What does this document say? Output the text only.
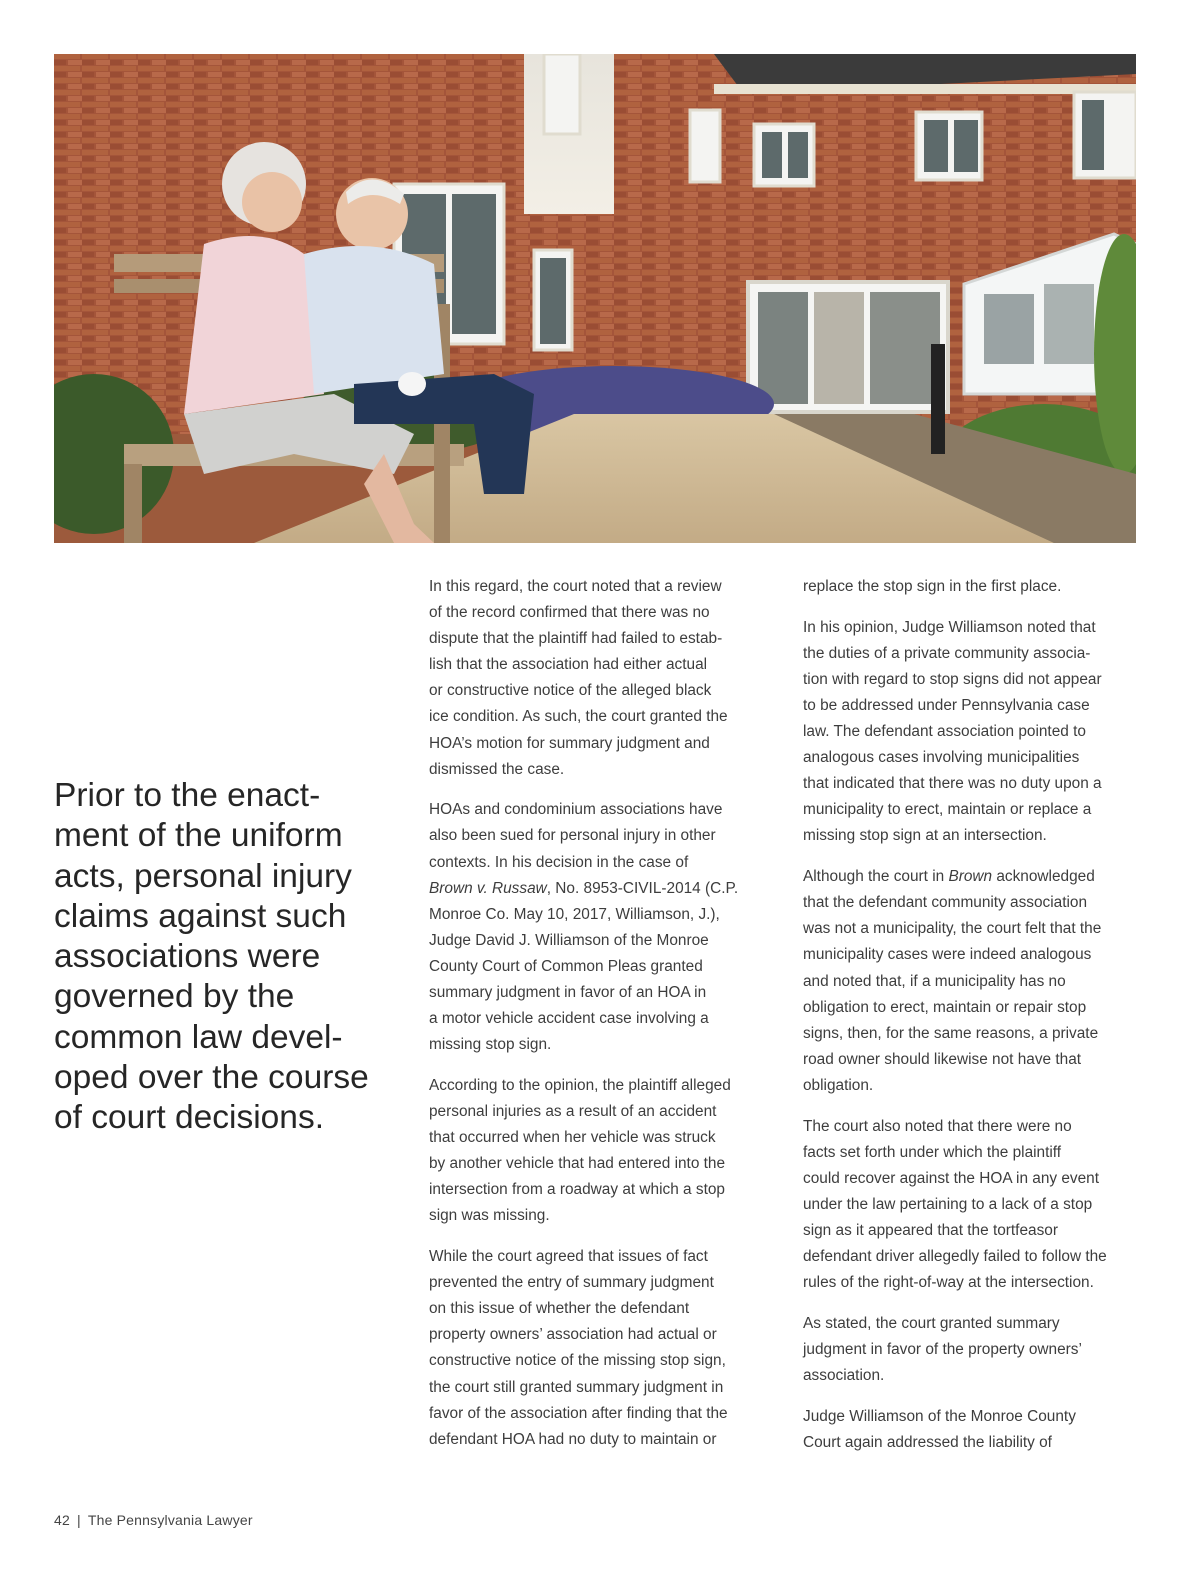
Prior to the enact-
ment of the uniform
acts, personal injury
claims against such
associations were
governed by the
common law devel-
oped over the course
of court decisions.

In this regard, the court noted that a review
of the record confirmed that there was no
dispute that the plaintiff had failed to estab-
lish that the association had either actual
or constructive notice of the alleged black
ice condition. As such, the court granted the
HOA’s motion for summary judgment and
dismissed the case.

HOAs and condominium associations have
also been sued for personal injury in other
contexts. In his decision in the case of
Brown v. Russaw, No. 8953-CIVIL-2014 (C.P.
Monroe Co. May 10, 2017, Williamson, J.),
Judge David J. Williamson of the Monroe
County Court of Common Pleas granted
summary judgment in favor of an HOA in
a motor vehicle accident case involving a
missing stop sign.

According to the opinion, the plaintiff alleged
personal injuries as a result of an accident
that occurred when her vehicle was struck
by another vehicle that had entered into the
intersection from a roadway at which a stop
sign was missing.

While the court agreed that issues of fact
prevented the entry of summary judgment
on this issue of whether the defendant
property owners’ association had actual or
constructive notice of the missing stop sign,
the court still granted summary judgment in
favor of the association after finding that the
defendant HOA had no duty to maintain or

replace the stop sign in the first place.

In his opinion, Judge Williamson noted that
the duties of a private community associa-
tion with regard to stop signs did not appear
to be addressed under Pennsylvania case
law. The defendant association pointed to
analogous cases involving municipalities
that indicated that there was no duty upon a
municipality to erect, maintain or replace a
missing stop sign at an intersection.

Although the court in Brown acknowledged
that the defendant community association
was not a municipality, the court felt that the
municipality cases were indeed analogous
and noted that, if a municipality has no
obligation to erect, maintain or repair stop
signs, then, for the same reasons, a private
road owner should likewise not have that
obligation.

The court also noted that there were no
facts set forth under which the plaintiff
could recover against the HOA in any event
under the law pertaining to a lack of a stop
sign as it appeared that the tortfeasor
defendant driver allegedly failed to follow the
rules of the right-of-way at the intersection.

As stated, the court granted summary
judgment in favor of the property owners’
association.

Judge Williamson of the Monroe County
Court again addressed the liability of

42 | The Pennsylvania Lawyer
